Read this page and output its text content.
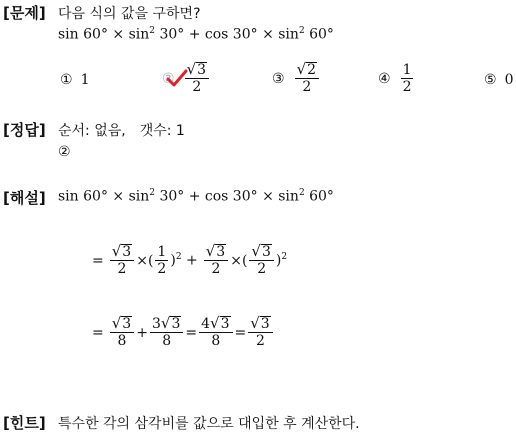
[문제] 다음 식의 값을 구하면?
$\sin 60^\circ \times \sin^2 30^\circ + \cos 30^\circ \times \sin^2 60^\circ$
① 1	② $\frac{√ 3}{2}$	③ $\frac{√ 2}{2}$	④ $\frac{1}{2}$	⑤ 0
[정답] 순서: 없음,　갯수: 1
②
[해설] $\sin 60^\circ \times \sin^2 30^\circ + \cos 30^\circ \times \sin^2 60^\circ$
= $\frac{√ 3}{2}$ ×( $\frac{1}{2} )^2 + \frac{√ 3}{2}$ ×( $\frac{√ 3}{2} )^2$
= $\frac{√ 3}{8} + \frac{3 √ 3}{8} = \frac{4 √ 3}{8} = \frac{√ 3}{2}$
[힌트] 특수한 각의 삼각비를 값으로 대입한 후 계산한다.
